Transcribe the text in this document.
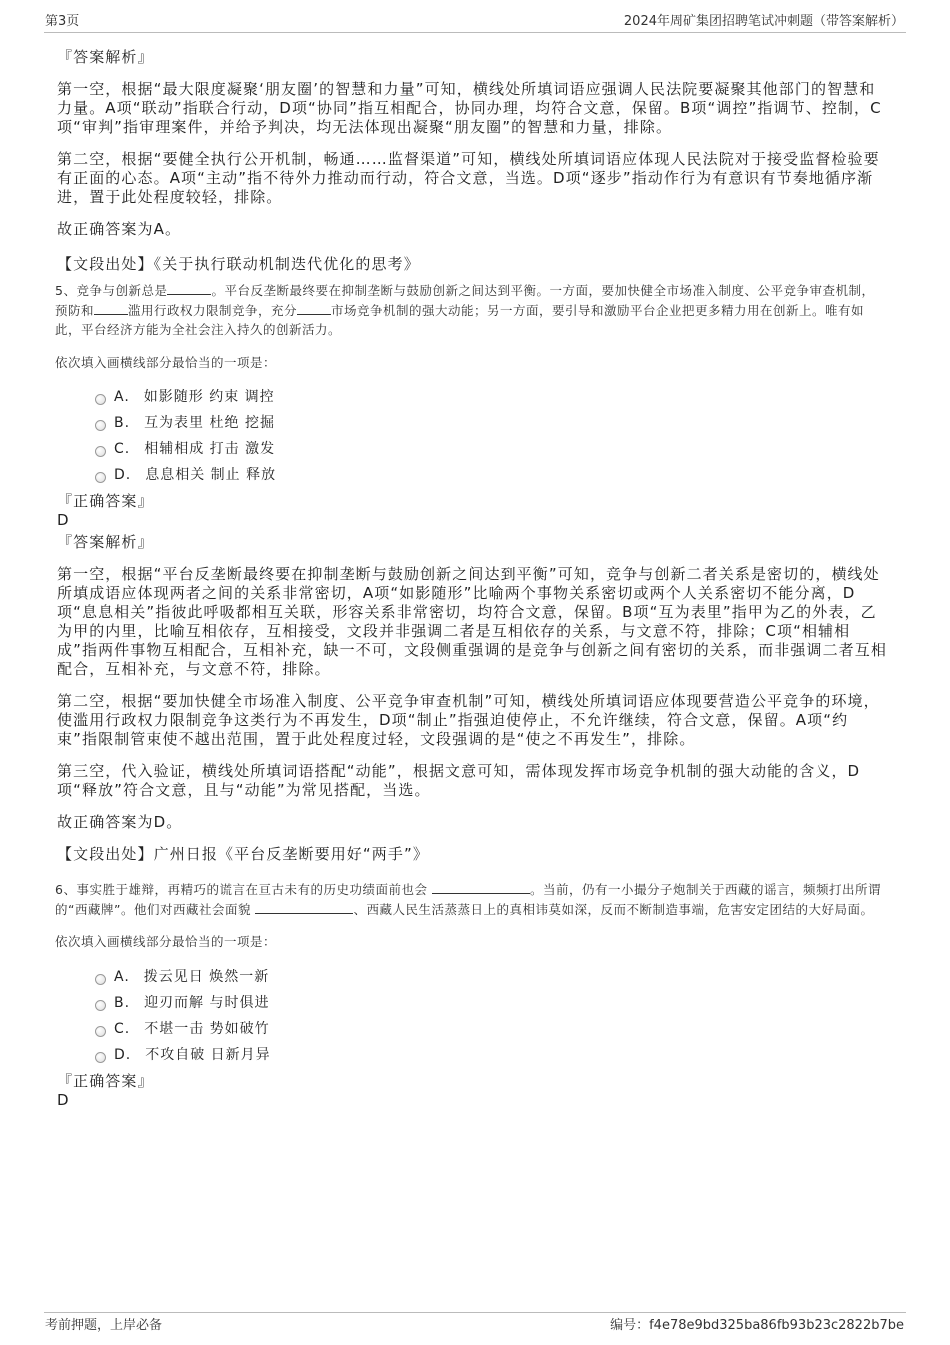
第3页	2024年周矿集团招聘笔试冲刺题（带答案解析）
『答案解析』

第一空，根据“最大限度凝聚‘朋友圈’的智慧和力量”可知，横线处所填词语应强调人民法院要凝聚其他部门的智慧和力量。A项“联动”指联合行动，D项“协同”指互相配合，协同办理，均符合文意，保留。B项“调控”指调节、控制，C项“审判”指审理案件，并给予判决，均无法体现出凝聚“朋友圈”的智慧和力量，排除。

第二空，根据“要健全执行公开机制，畅通……监督渠道”可知，横线处所填词语应体现人民法院对于接受监督检验要有正面的心态。A项“主动”指不待外力推动而行动，符合文意，当选。D项“逐步”指动作行为有意识有节奏地循序渐进，置于此处程度较轻，排除。

故正确答案为A。
【文段出处】《关于执行联动机制迭代优化的思考》

5、竞争与创新总是	。平台反垄断最终要在抑制垄断与鼓励创新之间达到平衡。一方面，要加快健全市场准入制度、公平竞争审查机制，预防和	滥用行政权力限制竞争，充分	市场竞争机制的强大动能；另一方面，要引导和激励平台企业把更多精力用在创新上。唯有如此，平台经济方能为全社会注入持久的创新活力。

依次填入画横线部分最恰当的一项是：
A. 如影随形 约束 调控
B. 互为表里 杜绝 挖掘
C. 相辅相成 打击 激发
D. 息息相关 制止 释放
『正确答案』
D
『答案解析』

第一空，根据“平台反垄断最终要在抑制垄断与鼓励创新之间达到平衡”可知，竞争与创新二者关系是密切的，横线处所填成语应体现两者之间的关系非常密切，A项“如影随形”比喻两个事物关系密切或两个人关系密切不能分离，D项“息息相关”指彼此呼吸都相互关联，形容关系非常密切，均符合文意，保留。B项“互为表里”指甲为乙的外表，乙为甲的内里，比喻互相依存，互相接受，文段并非强调二者是互相依存的关系，与文意不符，排除；C项“相辅相成”指两件事物互相配合，互相补充，缺一不可，文段侧重强调的是竞争与创新之间有密切的关系，而非强调二者互相配合，互相补充，与文意不符，排除。

第二空，根据“要加快健全市场准入制度、公平竞争审查机制”可知，横线处所填词语应体现要营造公平竞争的环境，使滥用行政权力限制竞争这类行为不再发生，D项“制止”指强迫使停止，不允许继续，符合文意，保留。A项“约束”指限制管束使不越出范围，置于此处程度过轻，文段强调的是“使之不再发生”，排除。

第三空，代入验证，横线处所填词语搭配“动能”，根据文意可知，需体现发挥市场竞争机制的强大动能的含义，D项“释放”符合文意，且与“动能”为常见搭配，当选。

故正确答案为D。
【文段出处】广州日报《平台反垄断要用好“两手”》

6、事实胜于雄辩，再精巧的谎言在亘古未有的历史功绩面前也会	。当前，仍有一小撮分子炮制关于西藏的谣言，频频打出所谓的“西藏牌”。他们对西藏社会面貌	、西藏人民生活蒸蒸日上的真相讳莫如深，反而不断制造事端，危害安定团结的大好局面。

依次填入画横线部分最恰当的一项是：
A. 拨云见日 焕然一新
B. 迎刃而解 与时俱进
C. 不堪一击 势如破竹
D. 不攻自破 日新月异
『正确答案』
D
考前押题，上岸必备	编号：f4e78e9bd325ba86fb93b23c2822b7be
